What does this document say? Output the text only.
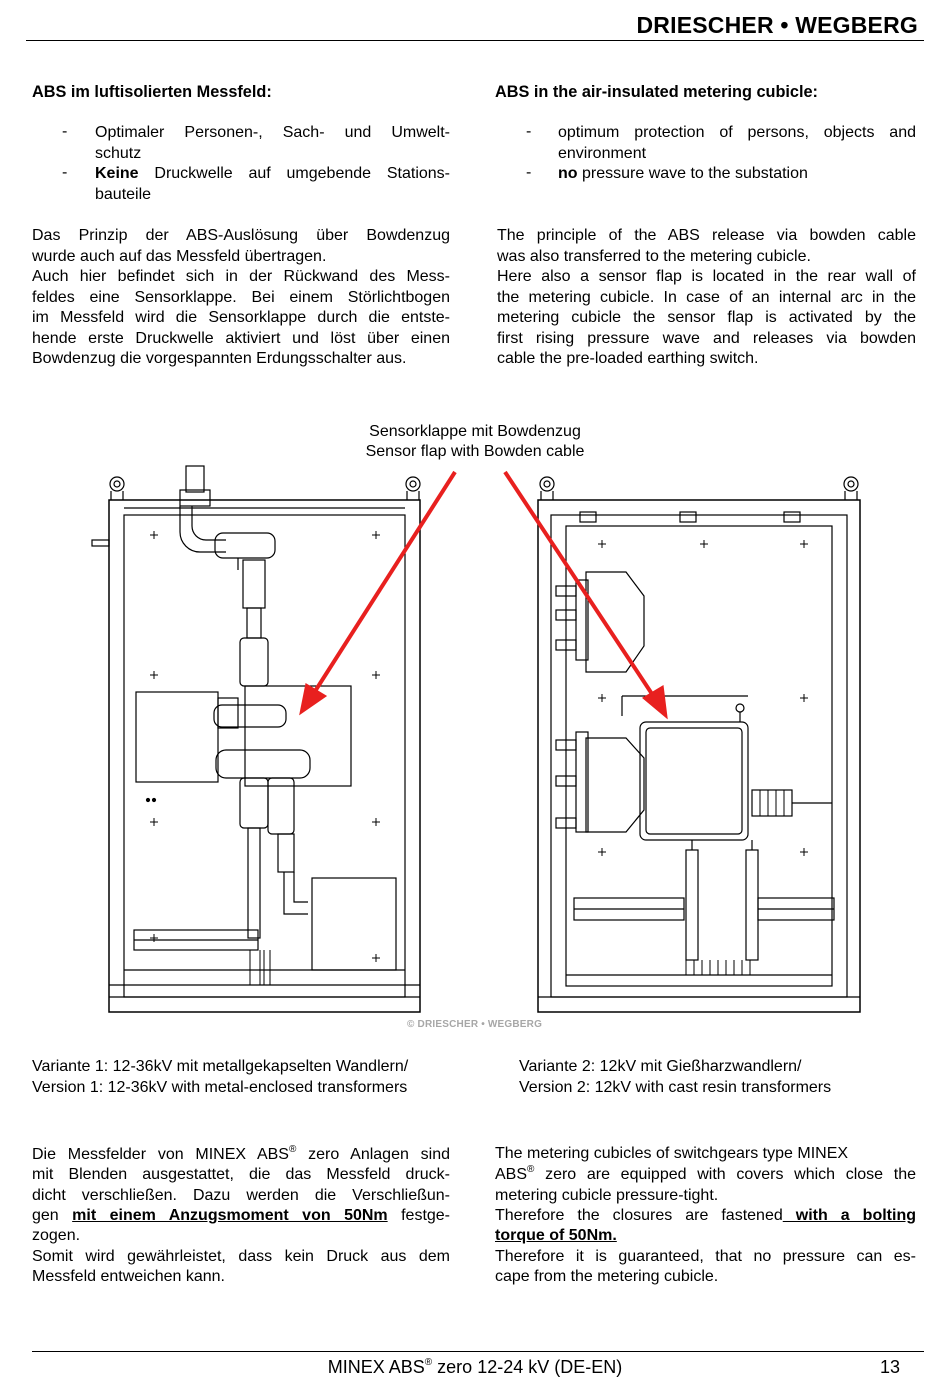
DRIESCHER • WEGBERG
ABS im luftisolierten Messfeld:
- Optimaler Personen-, Sach- und Umwelt-
schutz
- Keine Druckwelle auf umgebende Stations-
bauteile
Das Prinzip der ABS-Auslösung über Bowdenzug
wurde auch auf das Messfeld übertragen.
Auch hier befindet sich in der Rückwand des Mess-
feldes eine Sensorklappe. Bei einem Störlichtbogen
im Messfeld wird die Sensorklappe durch die entste-
hende erste Druckwelle aktiviert und löst über einen
Bowdenzug die vorgespannten Erdungsschalter aus.
ABS in the air-insulated metering cubicle:
- optimum protection of persons, objects and
environment
- no pressure wave to the substation
The principle of the ABS release via bowden cable
was also transferred to the metering cubicle.
Here also a sensor flap is located in the rear wall of
the metering cubicle. In case of an internal arc in the
metering cubicle the sensor flap is activated by the
first rising pressure wave and releases via bowden
cable the pre-loaded earthing switch.
Sensorklappe mit Bowdenzug
Sensor flap with Bowden cable
© DRIESCHER • WEGBERG
Variante 1: 12-36kV mit metallgekapselten Wandlern/
Version 1: 12-36kV with metal-enclosed transformers
Variante 2: 12kV mit Gießharzwandlern/
Version 2: 12kV with cast resin transformers
Die Messfelder von MINEX ABS® zero Anlagen sind
mit Blenden ausgestattet, die das Messfeld druck-
dicht verschließen. Dazu werden die Verschließun-
gen mit einem Anzugsmoment von 50Nm festge-
zogen.
Somit wird gewährleistet, dass kein Druck aus dem
Messfeld entweichen kann.
The metering cubicles of switchgears type MINEX
ABS® zero are equipped with covers which close the
metering cubicle pressure-tight.
Therefore the closures are fastened with a bolting
torque of 50Nm.
Therefore it is guaranteed, that no pressure can es-
cape from the metering cubicle.
MINEX ABS® zero 12-24 kV (DE-EN)	13
